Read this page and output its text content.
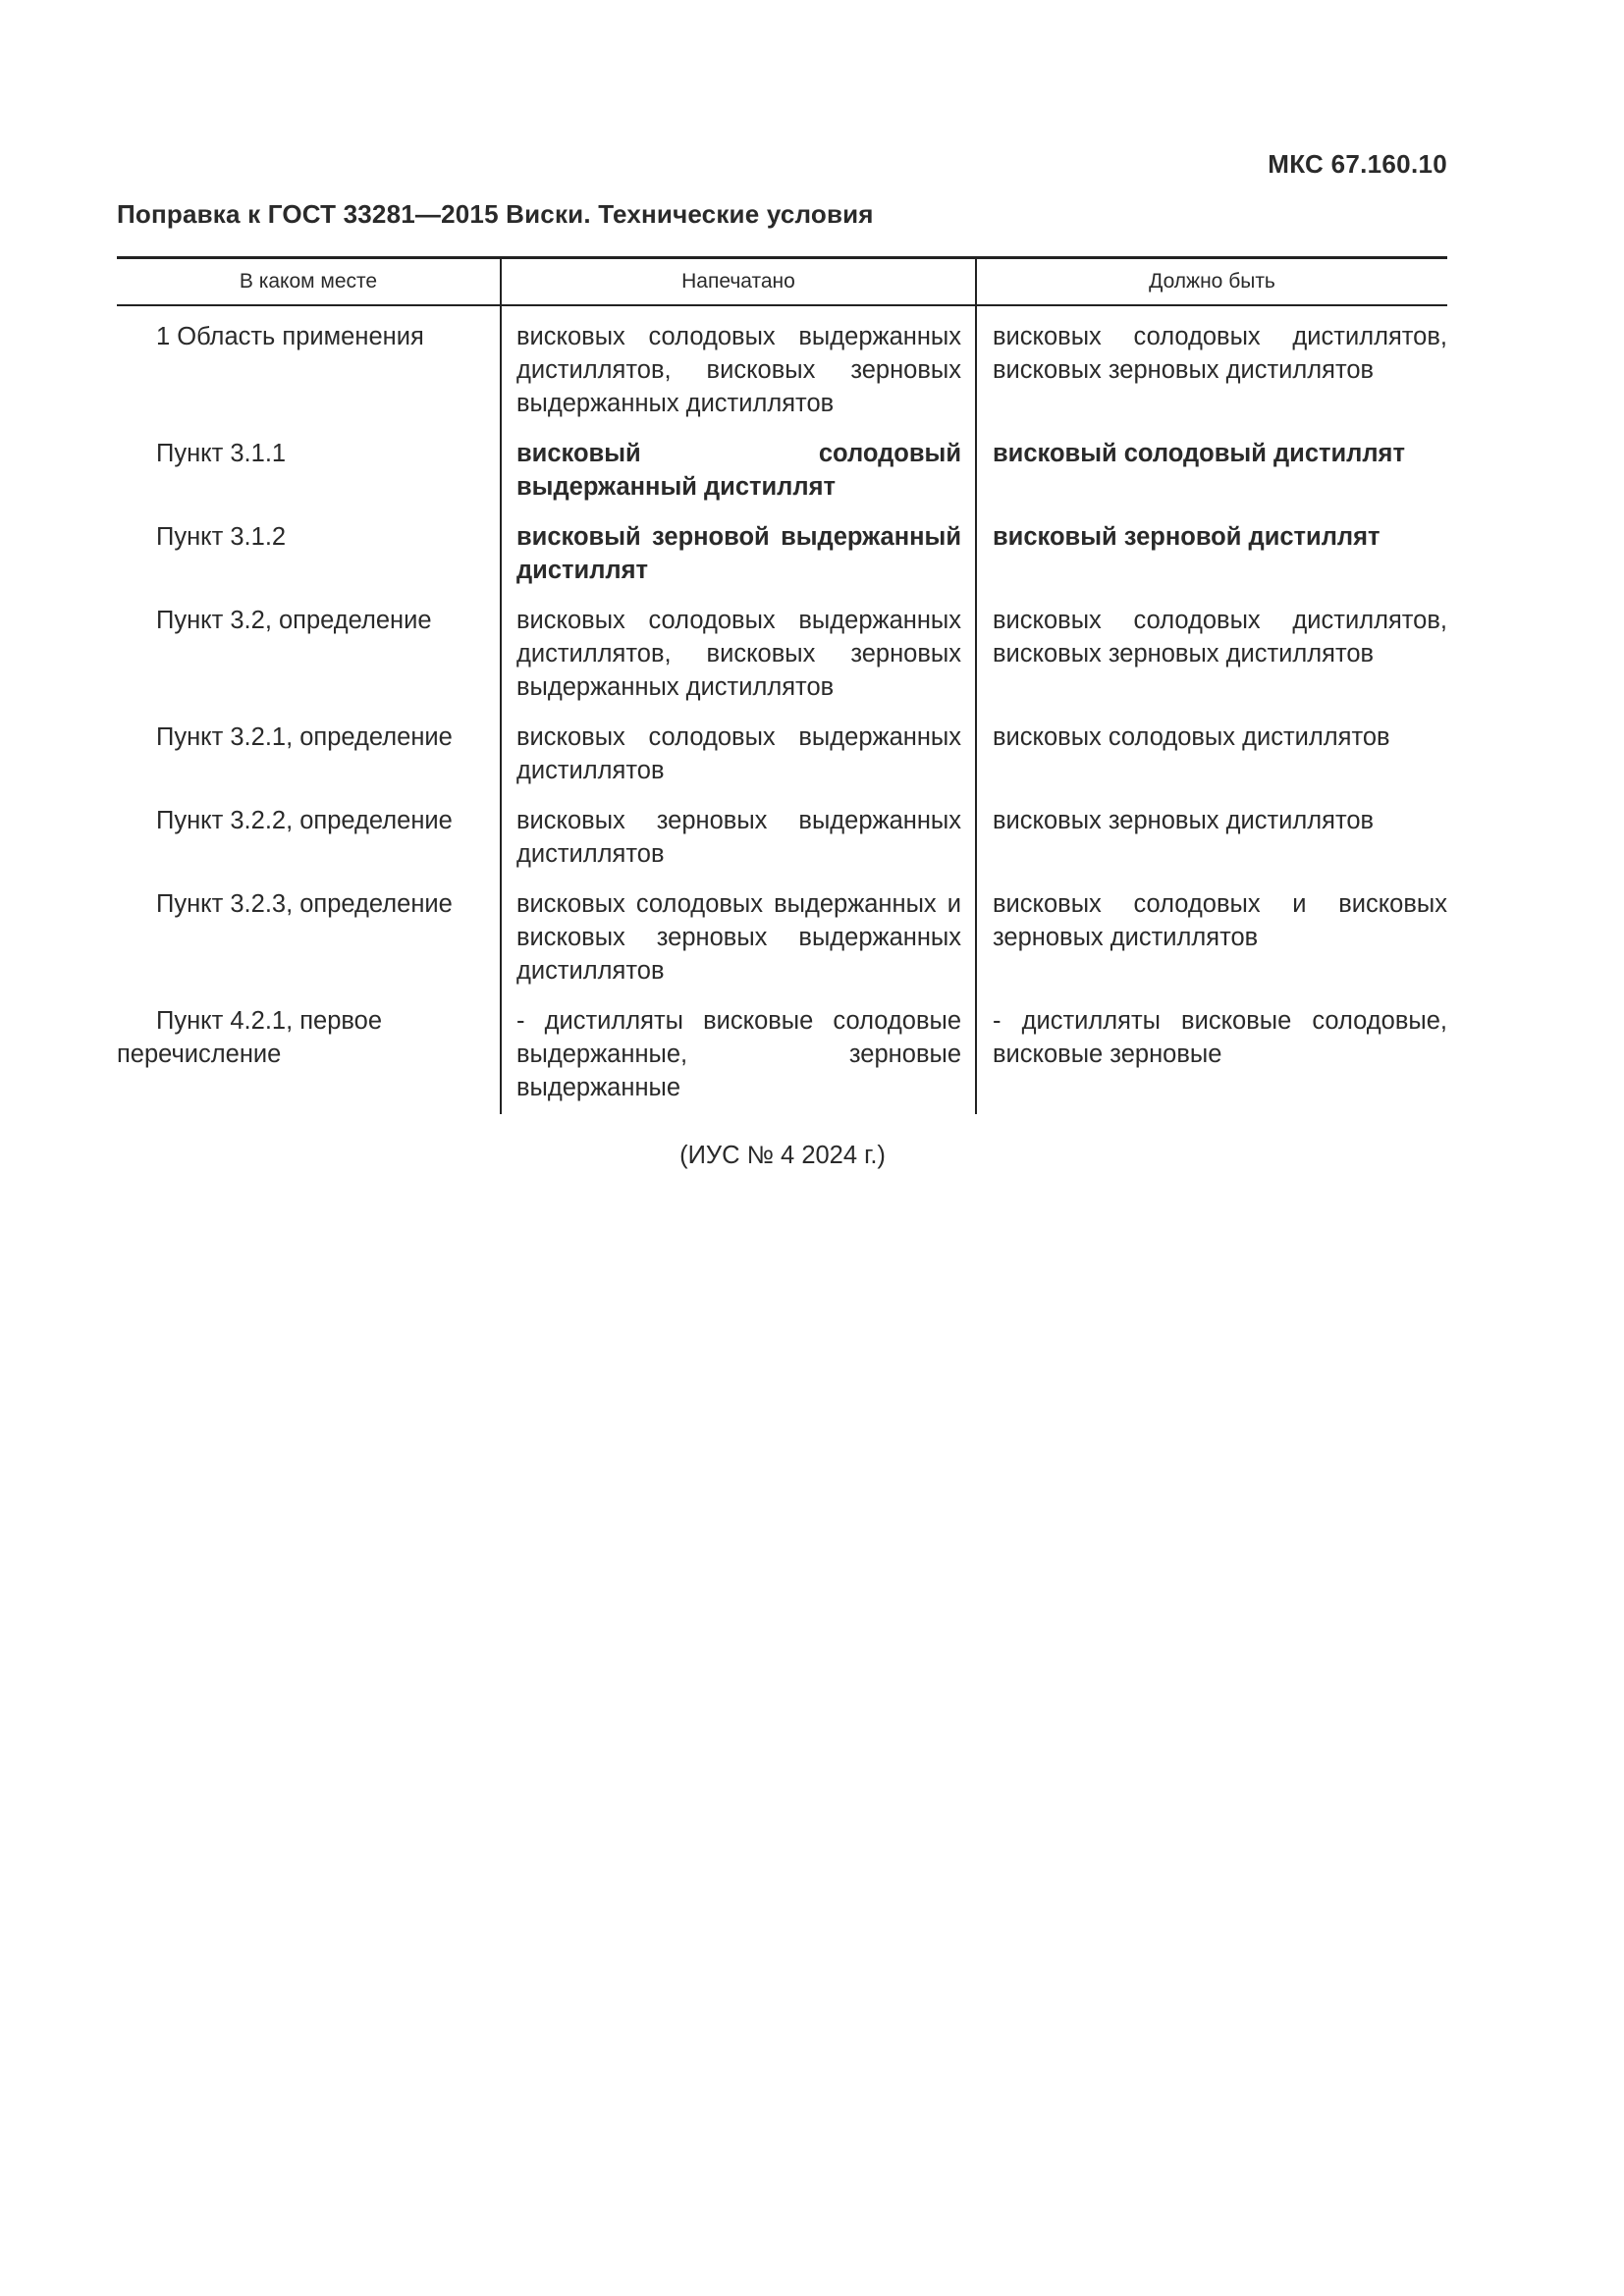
МКС 67.160.10
Поправка к ГОСТ 33281—2015 Виски. Технические условия
В каком месте	Напечатано	Должно быть
1 Область применения	висковых солодовых выдержанных дистиллятов, висковых зерновых выдержанных дистиллятов	висковых солодовых дистиллятов, висковых зерновых дистиллятов
Пункт 3.1.1	висковый солодовый выдержанный дистиллят	висковый солодовый дистиллят
Пункт 3.1.2	висковый зерновой выдержанный дистиллят	висковый зерновой дистиллят
Пункт 3.2, определение	висковых солодовых выдержанных дистиллятов, висковых зерновых выдержанных дистиллятов	висковых солодовых дистиллятов, висковых зерновых дистиллятов
Пункт 3.2.1, определение	висковых солодовых выдержанных дистиллятов	висковых солодовых дистиллятов
Пункт 3.2.2, определение	висковых зерновых выдержанных дистиллятов	висковых зерновых дистиллятов
Пункт 3.2.3, определение	висковых солодовых выдержанных и висковых зерновых выдержанных дистиллятов	висковых солодовых и висковых зерновых дистиллятов
Пункт 4.2.1, первое перечисление	- дистилляты висковые солодовые выдержанные, зерновые выдержанные	- дистилляты висковые солодовые, висковые зерновые
(ИУС № 4 2024 г.)
